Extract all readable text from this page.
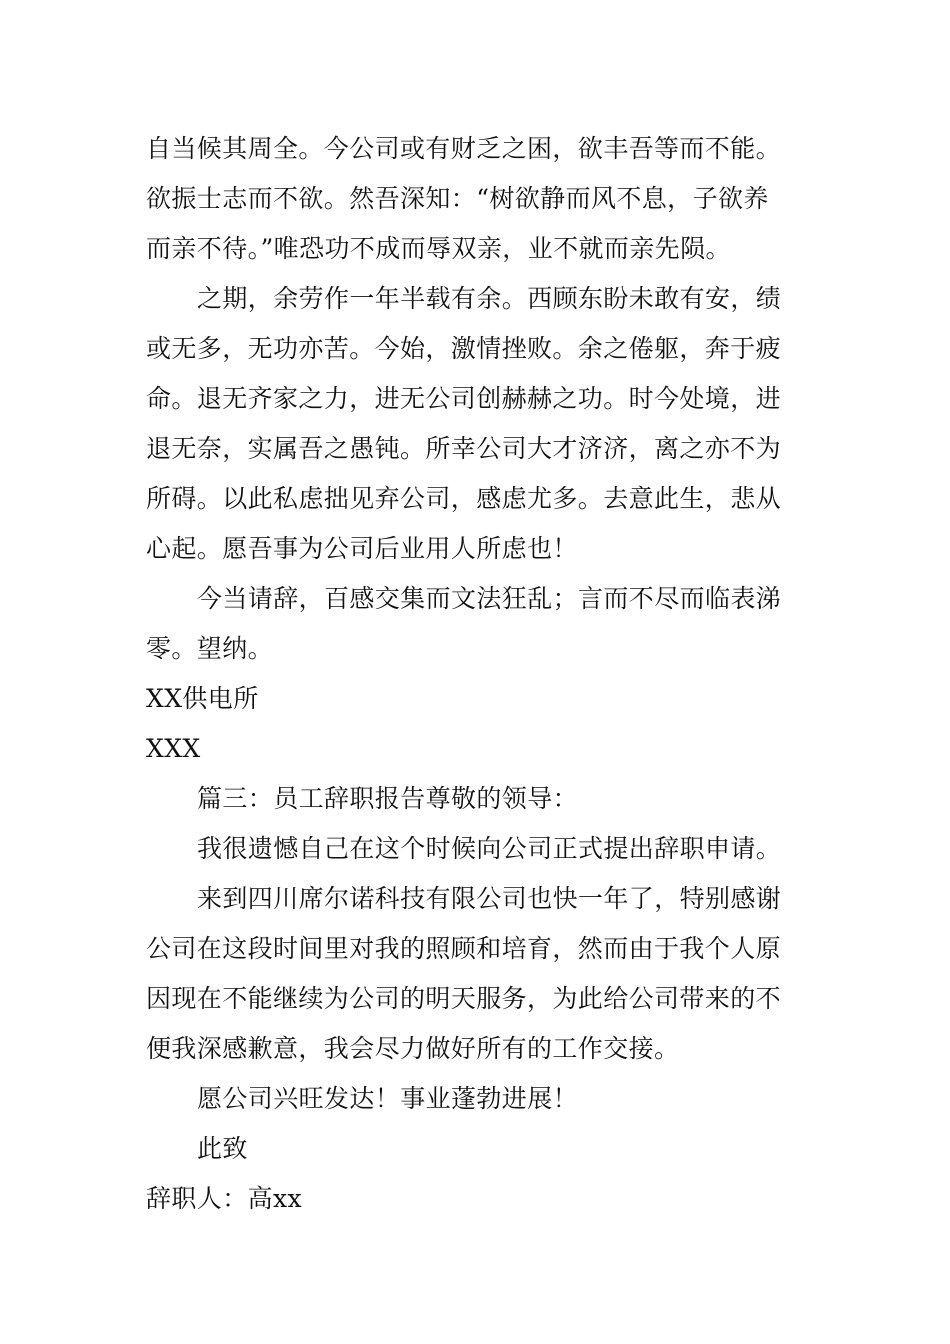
自当候其周全。今公司或有财乏之困，欲丰吾等而不能。
欲振士志而不欲。然吾深知：“树欲静而风不息，子欲养
而亲不待。”唯恐功不成而辱双亲，业不就而亲先陨。
之期，余劳作一年半载有余。西顾东盼未敢有安，绩
或无多，无功亦苦。今始，激情挫败。余之倦躯，奔于疲
命。退无齐家之力，进无公司创赫赫之功。时今处境，进
退无奈，实属吾之愚钝。所幸公司大才济济，离之亦不为
所碍。以此私虑拙见弃公司，感虑尤多。去意此生，悲从
心起。愿吾事为公司后业用人所虑也！
今当请辞，百感交集而文法狂乱；言而不尽而临表涕
零。望纳。
XX供电所
XXX
篇三：员工辞职报告尊敬的领导：
我很遗憾自己在这个时候向公司正式提出辞职申请。
来到四川席尔诺科技有限公司也快一年了，特别感谢
公司在这段时间里对我的照顾和培育，然而由于我个人原
因现在不能继续为公司的明天服务，为此给公司带来的不
便我深感歉意，我会尽力做好所有的工作交接。
愿公司兴旺发达！事业蓬勃进展！
此致
辞职人：高xx
